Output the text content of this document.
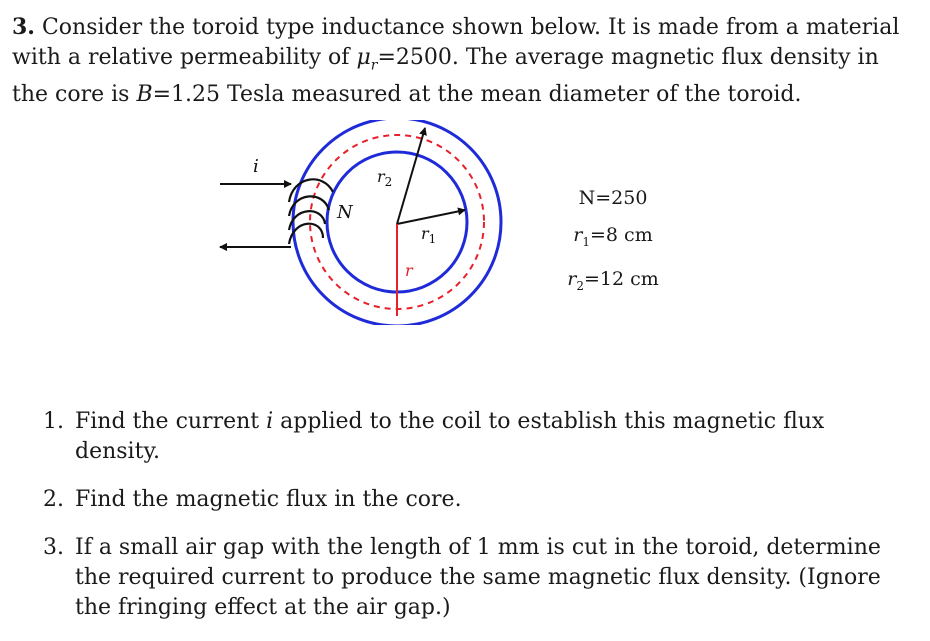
3. Consider the toroid type inductance shown below. It is made from a material
with a relative permeability of $\mu_r=2500$. The average magnetic flux density in
the core is B=1.25 Tesla measured at the mean diameter of the toroid.
i
N
$r_2$
$r_1$
r
N=250
$r_1=8$ cm
$r_2=12$ cm
1. Find the current i applied to the coil to establish this magnetic flux density.
2. Find the magnetic flux in the core.
3. If a small air gap with the length of 1 mm is cut in the toroid, determine
the required current to produce the same magnetic flux density. (Ignore
the fringing effect at the air gap.)
